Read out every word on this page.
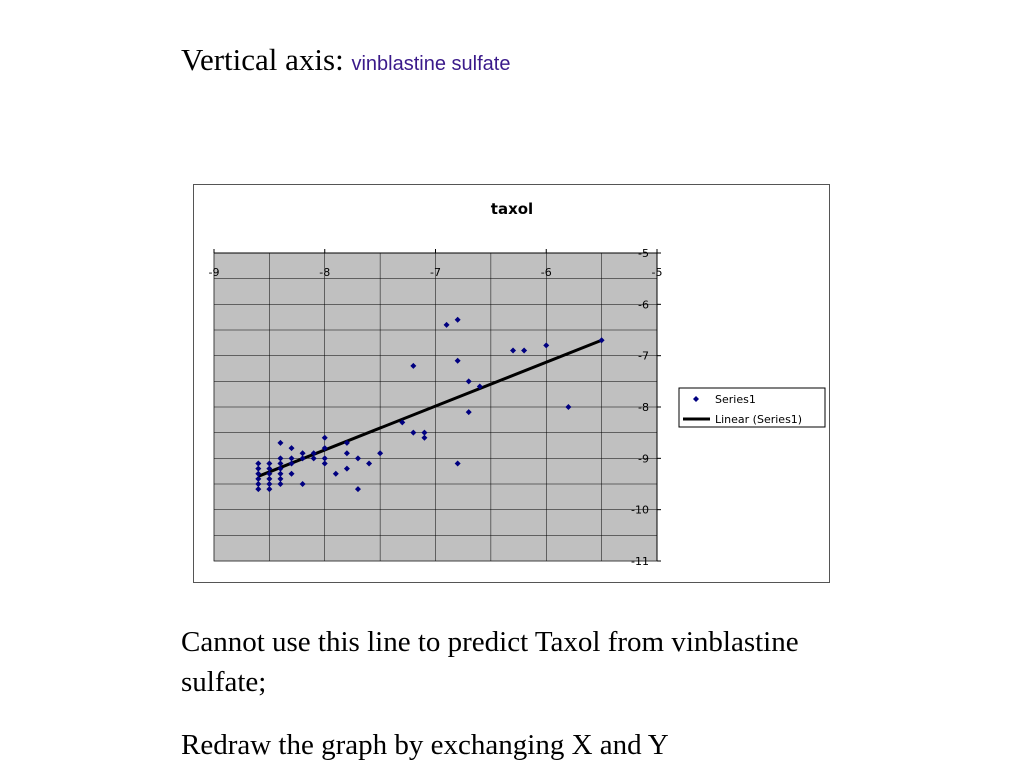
Vertical axis: vinblastine sulfate
taxol
-9	-8	-7	-6	-5
-5
-6
-7
-8
-9
-10
-11
Series1
Linear (Series1)
Cannot use this line to predict Taxol from vinblastine sulfate;
Redraw the graph by exchanging X and Y
